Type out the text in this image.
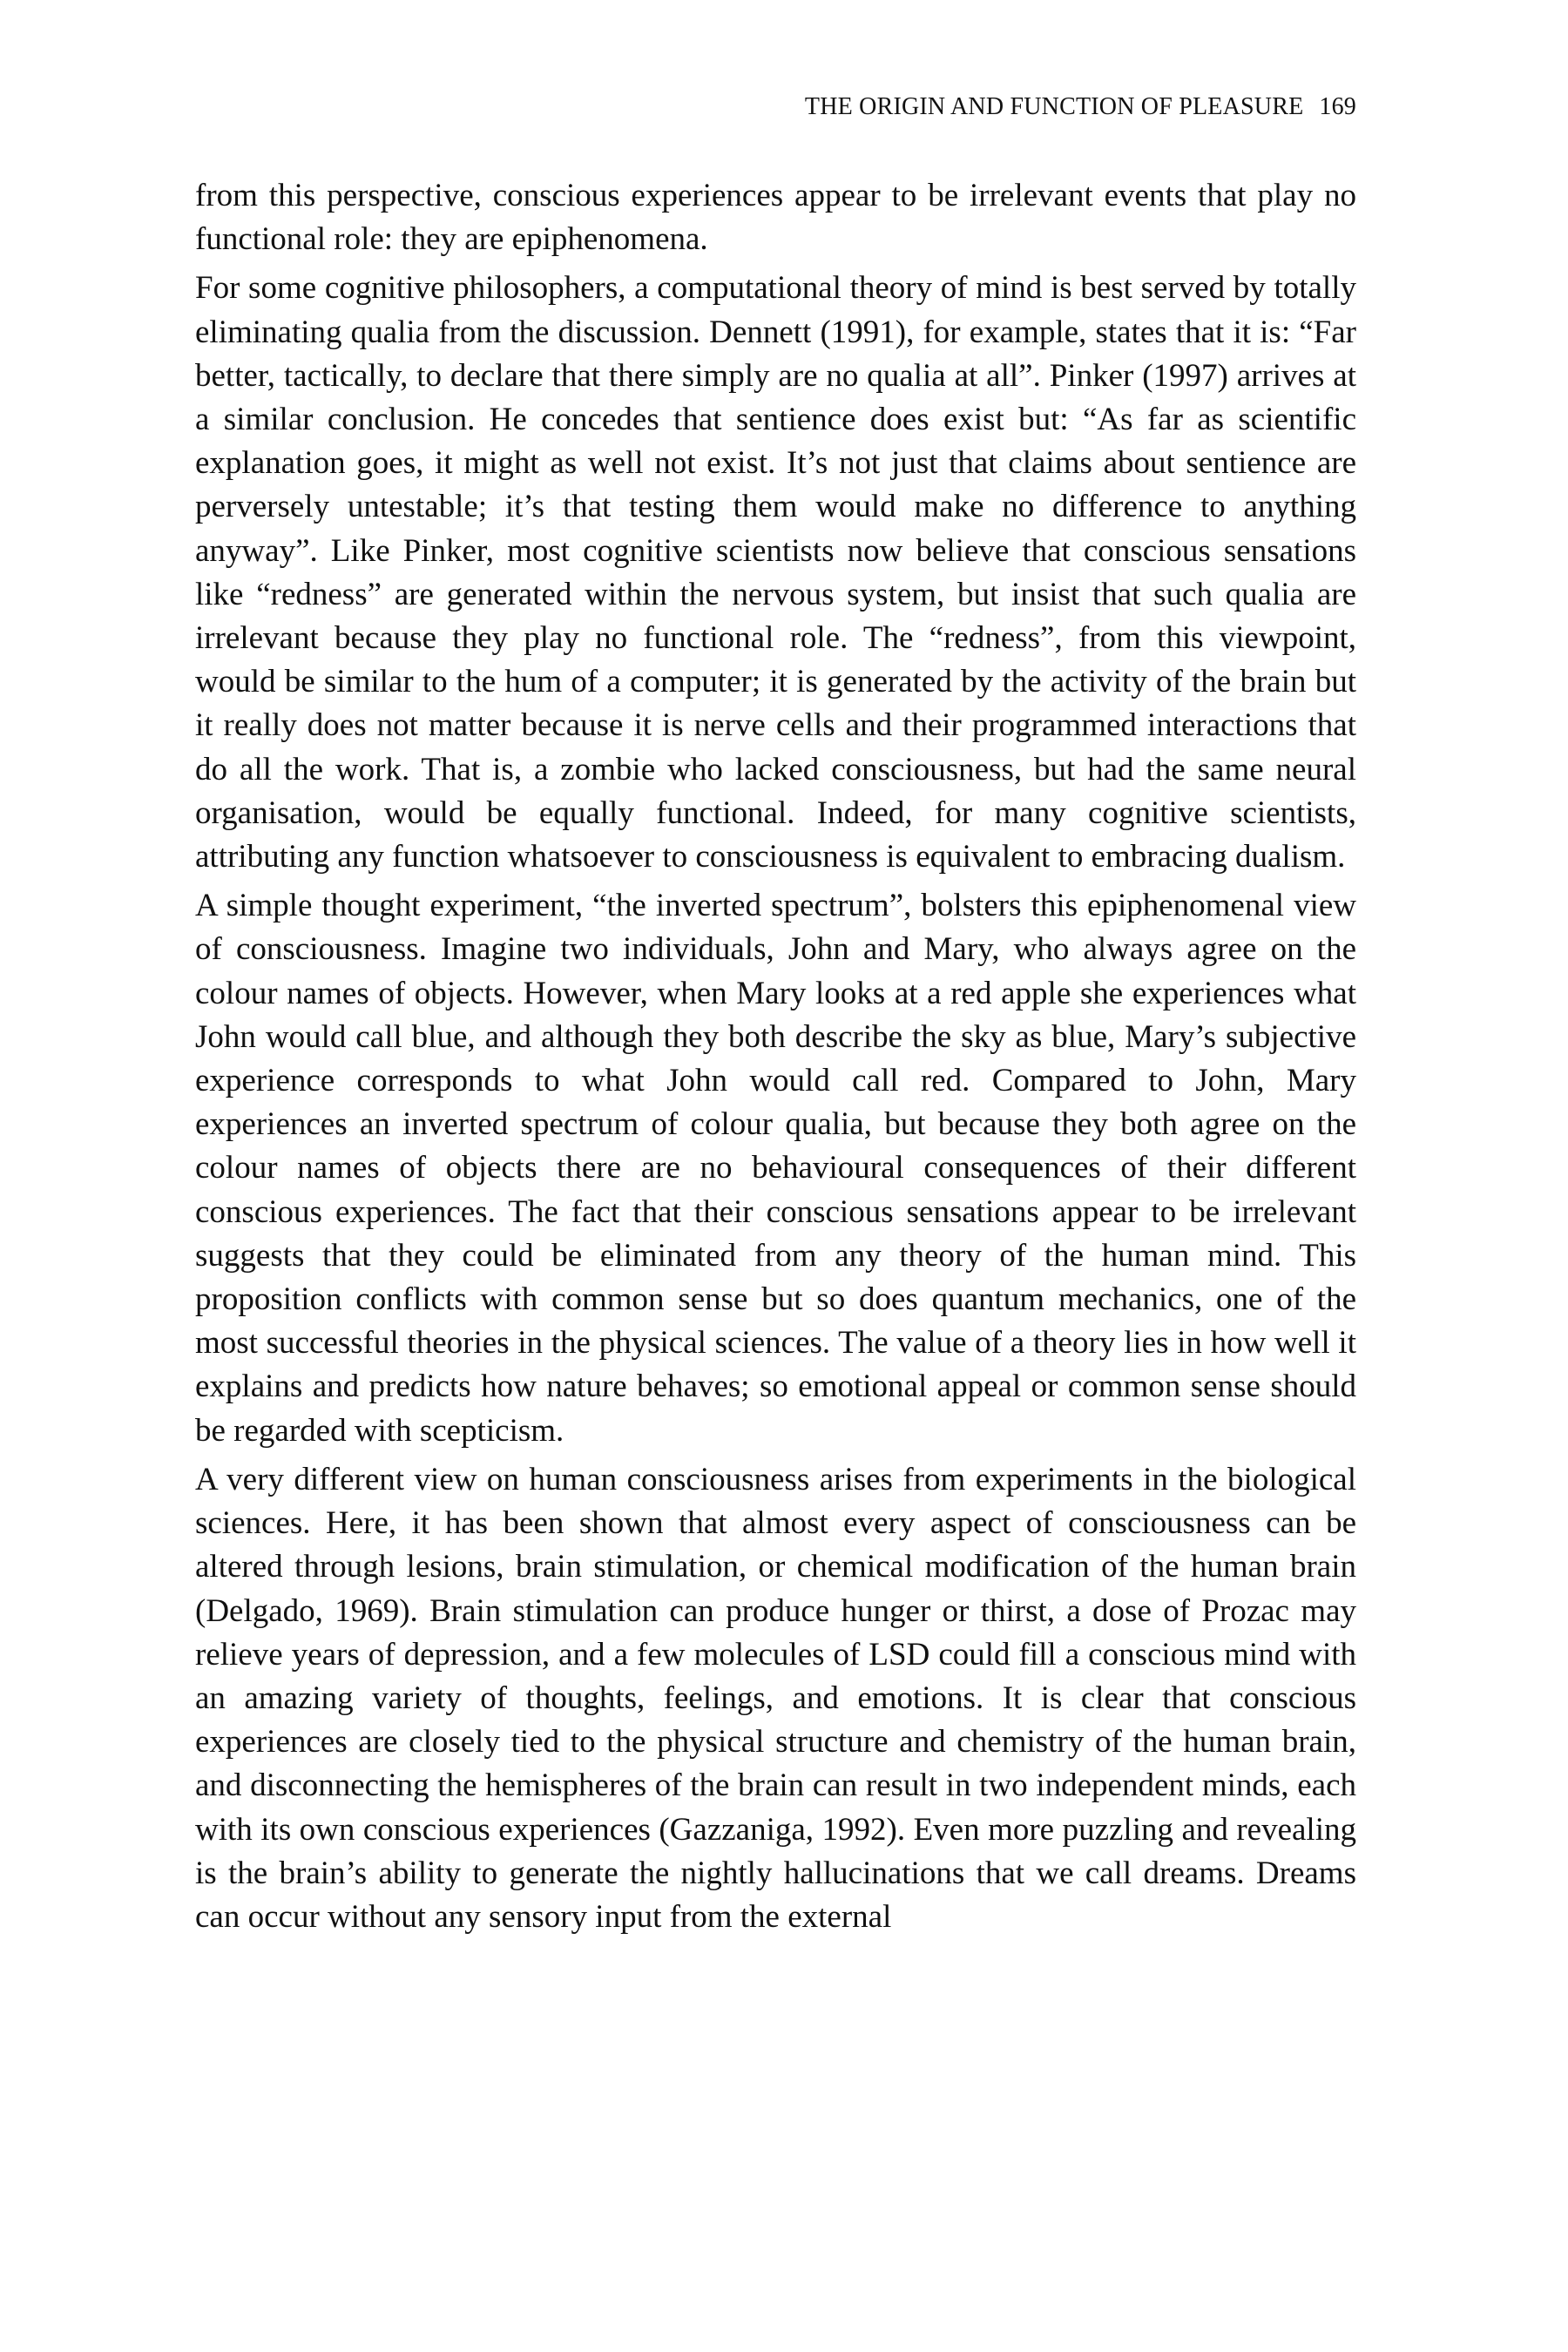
THE ORIGIN AND FUNCTION OF PLEASURE 169

from this perspective, conscious experiences appear to be irrelevant events that play no functional role: they are epiphenomena.

For some cognitive philosophers, a computational theory of mind is best served by totally eliminating qualia from the discussion. Dennett (1991), for example, states that it is: “Far better, tactically, to declare that there simply are no qualia at all”. Pinker (1997) arrives at a similar conclusion. He concedes that sentience does exist but: “As far as scientific explanation goes, it might as well not exist. It’s not just that claims about sentience are perversely untestable; it’s that testing them would make no difference to anything anyway”. Like Pinker, most cognitive scientists now believe that conscious sensations like “redness” are generated within the nervous system, but insist that such qualia are irrelevant because they play no functional role. The “redness”, from this viewpoint, would be similar to the hum of a computer; it is generated by the activity of the brain but it really does not matter because it is nerve cells and their programmed interactions that do all the work. That is, a zombie who lacked consciousness, but had the same neural organisation, would be equally functional. Indeed, for many cognitive scientists, attributing any function whatsoever to consciousness is equivalent to embracing dualism.

A simple thought experiment, “the inverted spectrum”, bolsters this epiphenomenal view of consciousness. Imagine two individuals, John and Mary, who always agree on the colour names of objects. However, when Mary looks at a red apple she experiences what John would call blue, and although they both describe the sky as blue, Mary’s subjective experience corresponds to what John would call red. Compared to John, Mary experiences an inverted spectrum of colour qualia, but because they both agree on the colour names of objects there are no behavioural consequences of their different conscious experiences. The fact that their conscious sensations appear to be irrelevant suggests that they could be eliminated from any theory of the human mind. This proposition conflicts with common sense but so does quantum mechanics, one of the most successful theories in the physical sciences. The value of a theory lies in how well it explains and predicts how nature behaves; so emotional appeal or common sense should be regarded with scepticism.

A very different view on human consciousness arises from experiments in the biological sciences. Here, it has been shown that almost every aspect of consciousness can be altered through lesions, brain stimulation, or chemical modification of the human brain (Delgado, 1969). Brain stimulation can produce hunger or thirst, a dose of Prozac may relieve years of depression, and a few molecules of LSD could fill a conscious mind with an amazing variety of thoughts, feelings, and emotions. It is clear that conscious experiences are closely tied to the physical structure and chemistry of the human brain, and disconnecting the hemispheres of the brain can result in two independent minds, each with its own conscious experiences (Gazzaniga, 1992). Even more puzzling and revealing is the brain’s ability to generate the nightly hallucinations that we call dreams. Dreams can occur without any sensory input from the external
